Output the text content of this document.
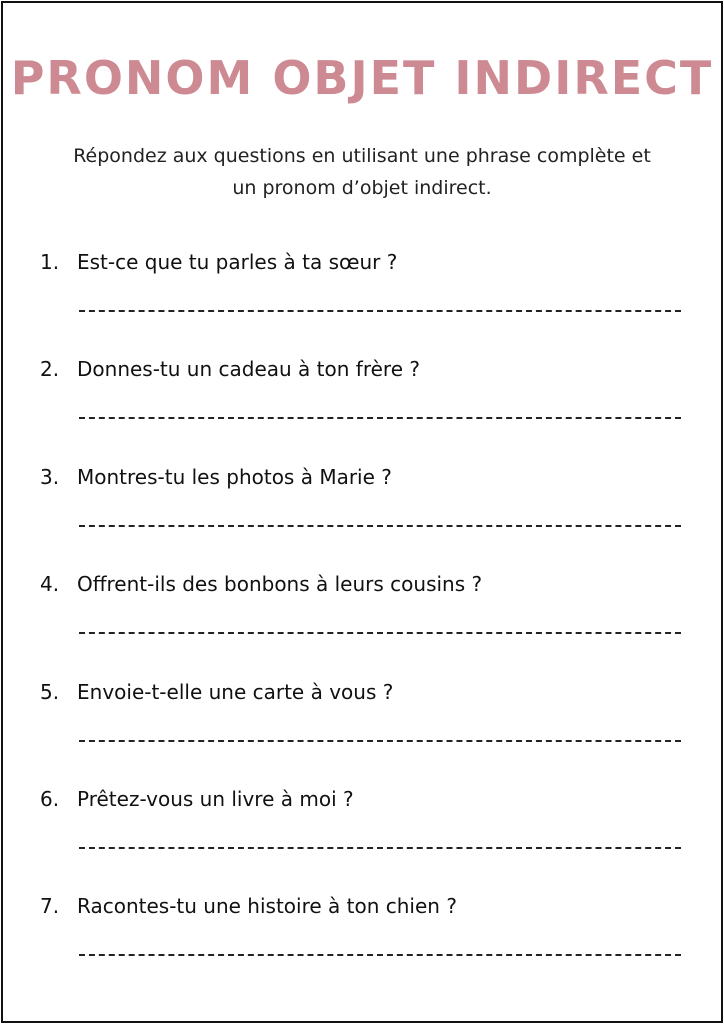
PRONOM OBJET INDIRECT
Répondez aux questions en utilisant une phrase complète et
un pronom d’objet indirect.
1. Est-ce que tu parles à ta sœur ?
2. Donnes-tu un cadeau à ton frère ?
3. Montres-tu les photos à Marie ?
4. Offrent-ils des bonbons à leurs cousins ?
5. Envoie-t-elle une carte à vous ?
6. Prêtez-vous un livre à moi ?
7. Racontes-tu une histoire à ton chien ?
